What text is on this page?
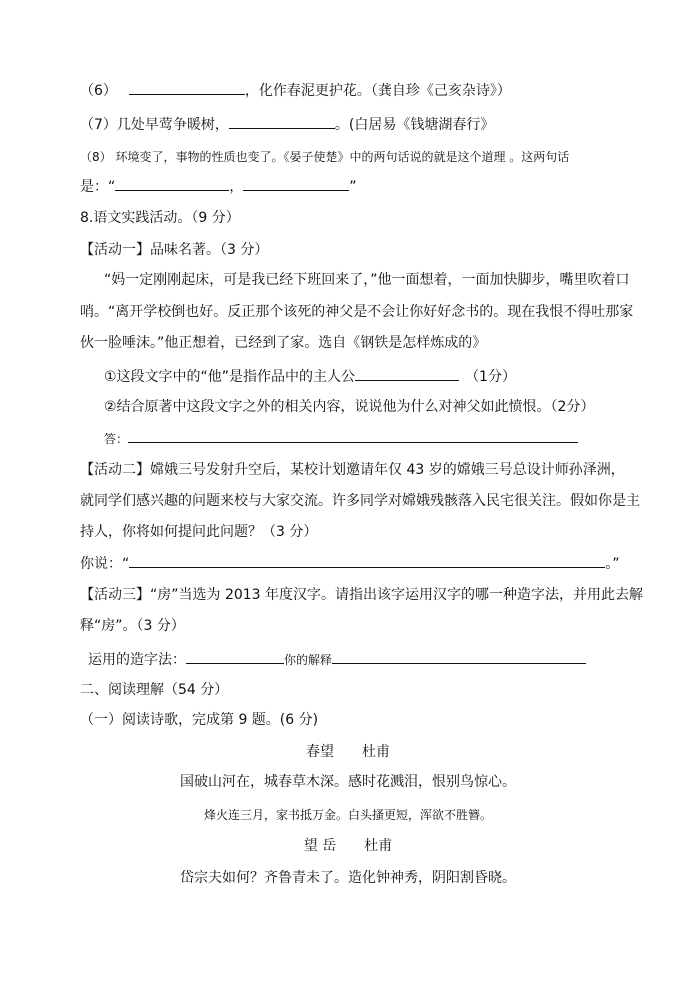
（6）	，化作春泥更护花。（龚自珍《己亥杂诗》）
（7）几处早莺争暖树，	。(白居易《钱塘湖春行》
（8） 环境变了，事物的性质也变了。《晏子使楚》中的两句话说的就是这个道理 。这两句话
是：“	，	”
8.语文实践活动。（9 分）
【活动一】品味名著。（3 分）
“妈一定刚刚起床，可是我已经下班回来了，”他一面想着，一面加快脚步，嘴里吹着口
哨。“离开学校倒也好。反正那个该死的神父是不会让你好好念书的。现在我恨不得吐那家
伙一脸唾沫。”他正想着，已经到了家。选自《钢铁是怎样炼成的》
①这段文字中的“他”是指作品中的主人公	（1分）
②结合原著中这段文字之外的相关内容，说说他为什么对神父如此愤恨。（2分）
答：
【活动二】嫦娥三号发射升空后，某校计划邀请年仅 43 岁的嫦娥三号总设计师孙泽洲，
就同学们感兴趣的问题来校与大家交流。许多同学对嫦娥残骸落入民宅很关注。假如你是主
持人，你将如何提问此问题？（3 分）
你说：“	。”
【活动三】“房”当选为 2013 年度汉字。请指出该字运用汉字的哪一种造字法，并用此去解
释“房”。（3 分）
运用的造字法：	你的解释
二、阅读理解（54 分）
（一）阅读诗歌，完成第 9 题。(6 分)
春望 杜甫
国破山河在，城春草木深。感时花溅泪，恨别鸟惊心。
烽火连三月，家书抵万金。白头搔更短，浑欲不胜簪。
望 岳 杜甫
岱宗夫如何？齐鲁青未了。造化钟神秀，阴阳割昏晓。
